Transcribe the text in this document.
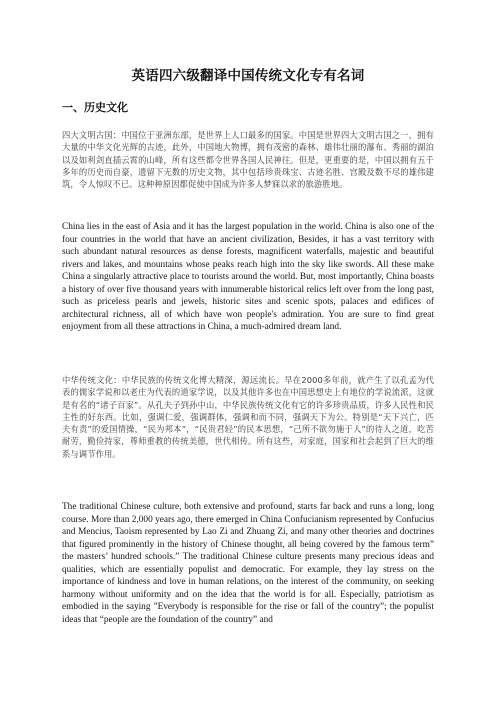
英语四六级翻译中国传统文化专有名词
一、历史文化

四大文明古国：中国位于亚洲东部，是世界上人口最多的国家。中国是世界四大文明古国之一，拥有大量的中华文化光辉的古迹，此外，中国地大物博，拥有茂密的森林、雄伟壮丽的瀑布、秀丽的湖泊以及如利剑直插云霄的山峰，所有这些都令世界各国人民神往。但是，更重要的是，中国以拥有五千多年的历史而自豪，遗留下无数的历史文物，其中包括珍贵珠宝、古迹名胜、宫殿及数不尽的雄伟建筑，令人惊叹不已。这种种原因都促使中国成为许多人梦寐以求的旅游胜地。

China lies in the east of Asia and it has the largest population in the world. China is also one of the four countries in the world that have an ancient civilization, Besides, it has a vast territory with such abundant natural resources as dense forests, magnificent waterfalls, majestic and beautiful rivers and lakes, and mountains whose peaks reach high into the sky like swords. All these make China a singularly attractive place to tourists around the world. But, most importantly, China boasts a history of over five thousand years with innumerable historical relics left over from the long past, such as priceless pearls and jewels, historic sites and scenic spots, palaces and edifices of architectural richness, all of which have won people's admiration. You are sure to find great enjoyment from all these attractions in China, a much-admired dream land.

中华传统文化：中华民族的传统文化博大精深，源远流长。早在2000多年前，就产生了以孔孟为代表的儒家学说和以老庄为代表的道家学说，以及其他许多也在中国思想史上有地位的学说流派，这就是有名的“诸子百家”。从孔夫子到孙中山，中华民族传统文化有它的许多珍贵品质，许多人民性和民主性的好东西。比如，强调仁爱，强调群体，强调和而不同，强调天下为公。特别是“天下兴亡，匹夫有责”的爱国情操，“民为邦本”，“民贵君轻”的民本思想，“己所不欲勿施于人”的待人之道，吃苦耐劳，勤俭持家，尊师重教的传统美德，世代相传。所有这些，对家庭，国家和社会起到了巨大的维系与调节作用。

The traditional Chinese culture, both extensive and profound, starts far back and runs a long, long course. More than 2,000 years ago, there emerged in China Confucianism represented by Confucius and Mencius, Taoism represented by Lao Zi and Zhuang Zi, and many other theories and doctrines that figured prominently in the history of Chinese thought, all being covered by the famous term” the masters’ hundred schools.” The traditional Chinese culture presents many precious ideas and qualities, which are essentially populist and democratic. For example, they lay stress on the importance of kindness and love in human relations, on the interest of the community, on seeking harmony without uniformity and on the idea that the world is for all. Especially, patriotism as embodied in the saying ”Everybody is responsible for the rise or fall of the country”; the populist ideas that “people are the foundation of the country” and
